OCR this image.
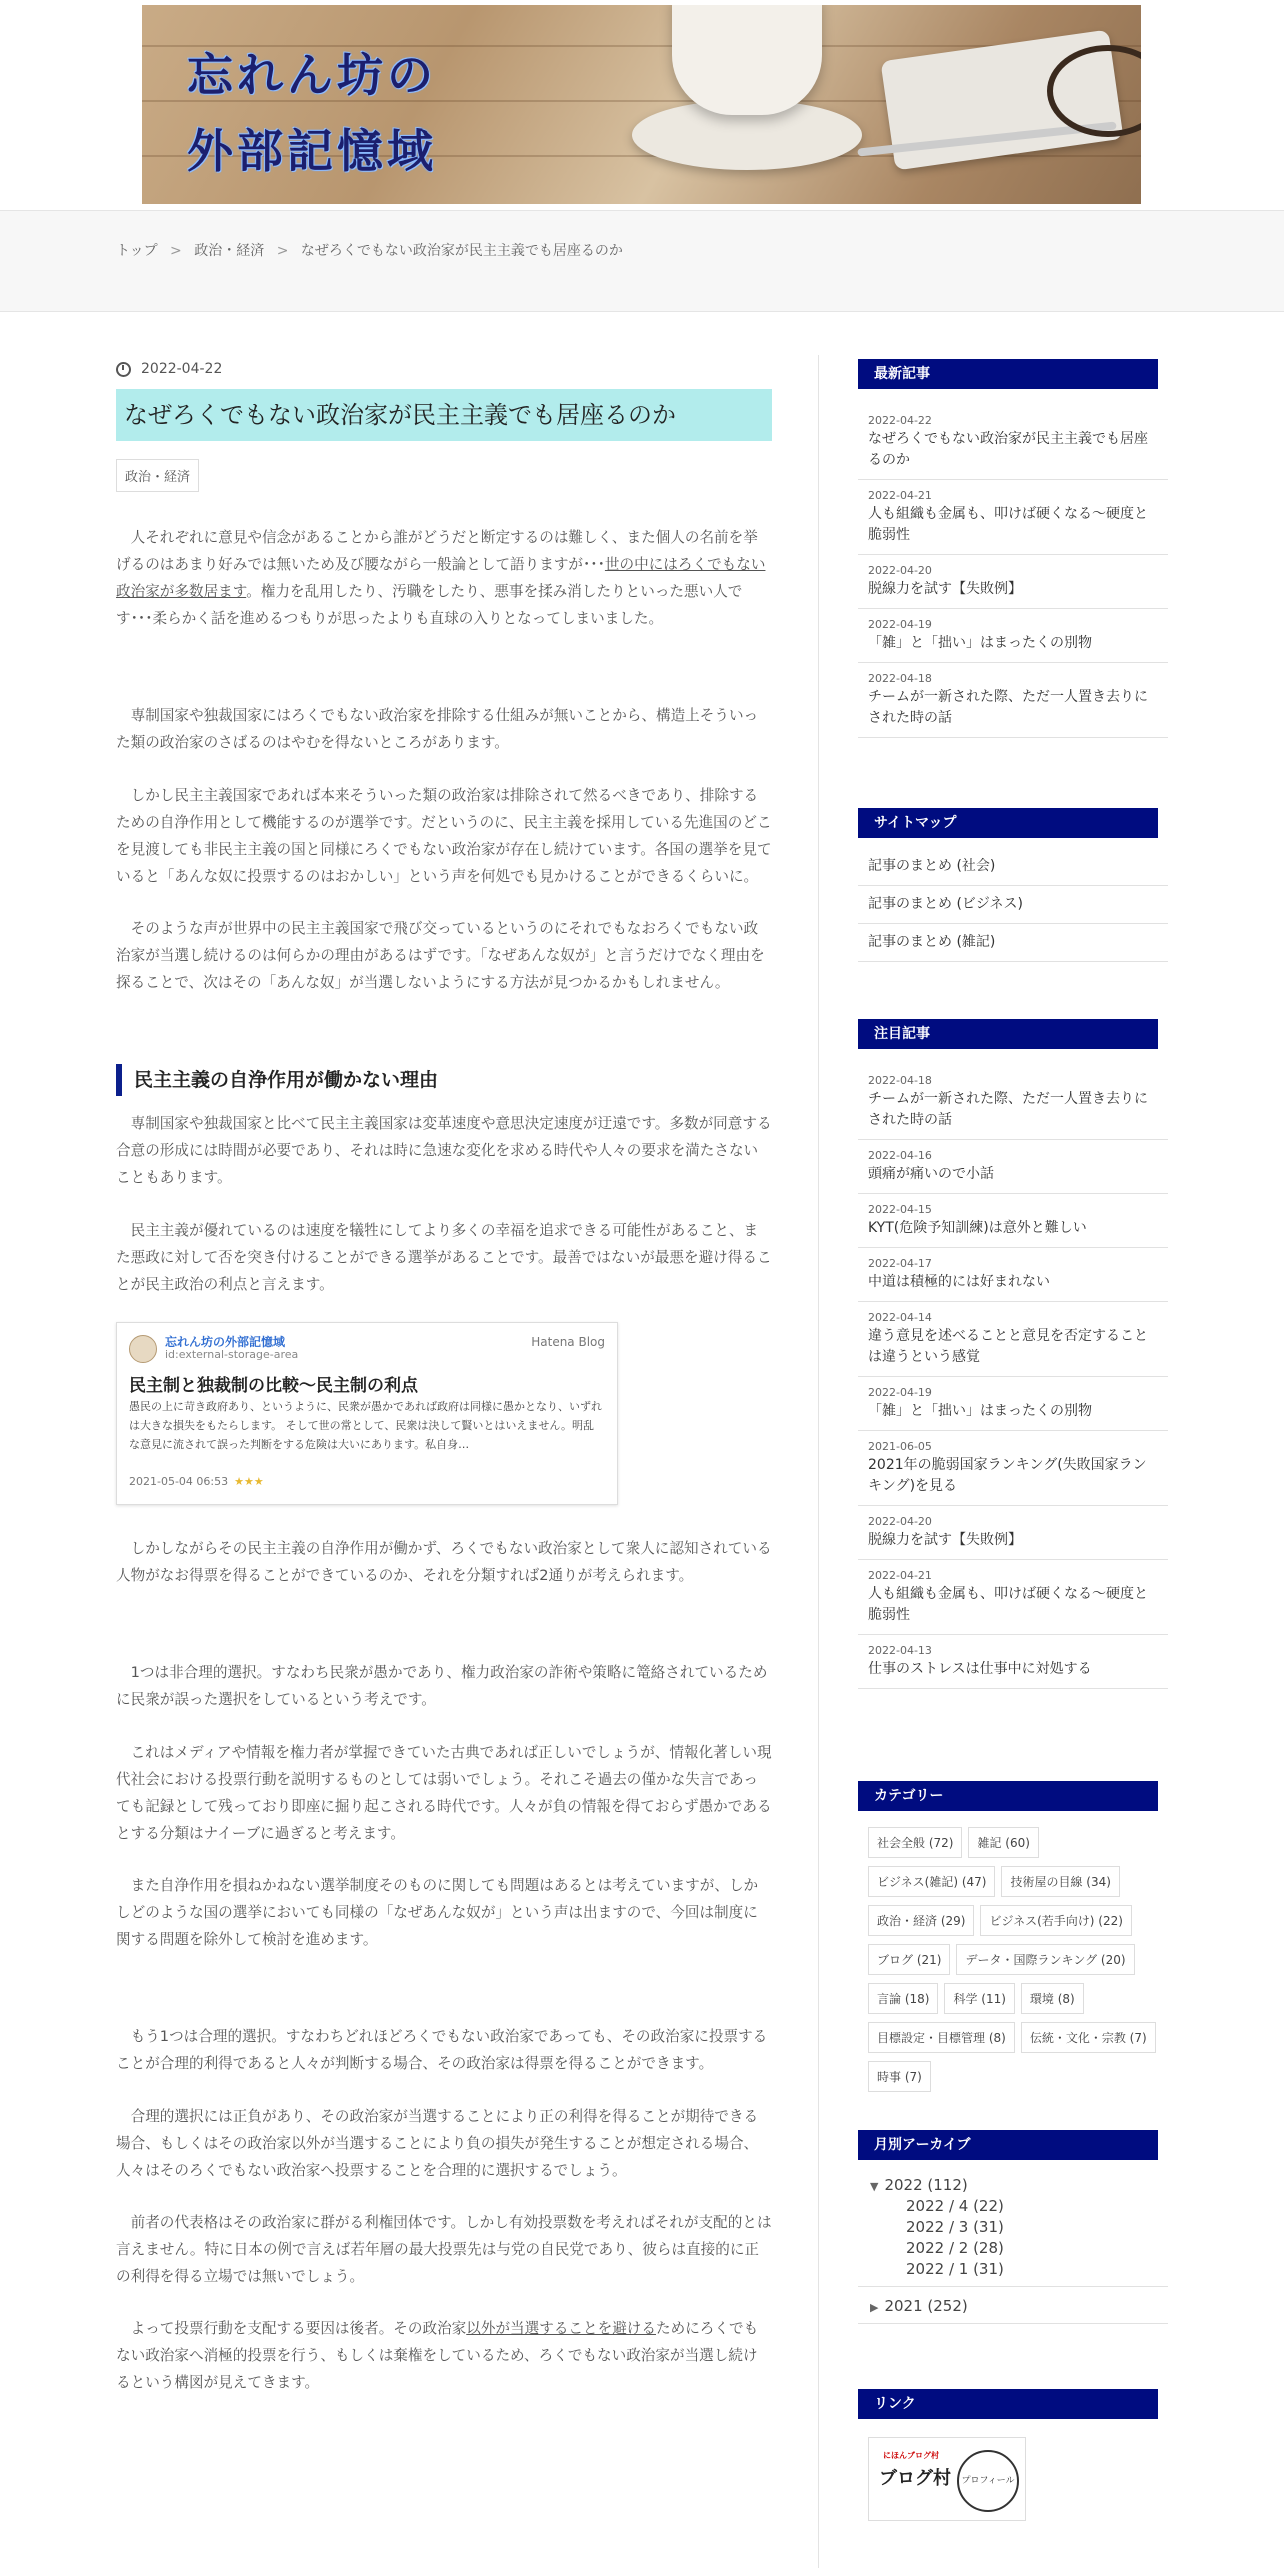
忘れん坊の
外部記憶域
トップ > 政治・経済 > なぜろくでもない政治家が民主主義でも居座るのか
2022-04-22
なぜろくでもない政治家が民主主義でも居座るのか
政治・経済

人それぞれに意見や信念があることから誰がどうだと断定するのは難しく、また個人の名前を挙げるのはあまり好みでは無いため及び腰ながら一般論として語りますが･･･世の中にはろくでもない政治家が多数居ます。権力を乱用したり、汚職をしたり、悪事を揉み消したりといった悪い人です･･･柔らかく話を進めるつもりが思ったよりも直球の入りとなってしまいました。

専制国家や独裁国家にはろくでもない政治家を排除する仕組みが無いことから、構造上そういった類の政治家のさばるのはやむを得ないところがあります。

しかし民主主義国家であれば本来そういった類の政治家は排除されて然るべきであり、排除するための自浄作用として機能するのが選挙です。だというのに、民主主義を採用している先進国のどこを見渡しても非民主主義の国と同様にろくでもない政治家が存在し続けています。各国の選挙を見ていると「あんな奴に投票するのはおかしい」という声を何処でも見かけることができるくらいに。

そのような声が世界中の民主主義国家で飛び交っているというのにそれでもなおろくでもない政治家が当選し続けるのは何らかの理由があるはずです。「なぜあんな奴が」と言うだけでなく理由を探ることで、次はその「あんな奴」が当選しないようにする方法が見つかるかもしれません。

民主主義の自浄作用が働かない理由

専制国家や独裁国家と比べて民主主義国家は変革速度や意思決定速度が迂遠です。多数が同意する合意の形成には時間が必要であり、それは時に急速な変化を求める時代や人々の要求を満たさないこともあります。

民主主義が優れているのは速度を犠牲にしてより多くの幸福を追求できる可能性があること、また悪政に対して否を突き付けることができる選挙があることです。最善ではないが最悪を避け得ることが民主政治の利点と言えます。

忘れん坊の外部記憶域
id:external-storage-area
Hatena Blog
民主制と独裁制の比較～民主制の利点
愚民の上に苛き政府あり、というように、民衆が愚かであれば政府は同様に愚かとなり、いずれは大きな損失をもたらします。 そして世の常として、民衆は決して賢いとはいえません。明乱な意見に流されて誤った判断をする危険は大いにあります。私自身…
2021-05-04 06:53 ★★★

しかしながらその民主主義の自浄作用が働かず、ろくでもない政治家として衆人に認知されている人物がなお得票を得ることができているのか、それを分類すれば2通りが考えられます。

1つは非合理的選択。すなわち民衆が愚かであり、権力政治家の詐術や策略に篭絡されているために民衆が誤った選択をしているという考えです。

これはメディアや情報を権力者が掌握できていた古典であれば正しいでしょうが、情報化著しい現代社会における投票行動を説明するものとしては弱いでしょう。それこそ過去の僅かな失言であっても記録として残っており即座に掘り起こされる時代です。人々が負の情報を得ておらず愚かであるとする分類はナイーブに過ぎると考えます。

また自浄作用を損ねかねない選挙制度そのものに関しても問題はあるとは考えていますが、しかしどのような国の選挙においても同様の「なぜあんな奴が」という声は出ますので、今回は制度に関する問題を除外して検討を進めます。

もう1つは合理的選択。すなわちどれほどろくでもない政治家であっても、その政治家に投票することが合理的利得であると人々が判断する場合、その政治家は得票を得ることができます。

合理的選択には正負があり、その政治家が当選することにより正の利得を得ることが期待できる場合、もしくはその政治家以外が当選することにより負の損失が発生することが想定される場合、人々はそのろくでもない政治家へ投票することを合理的に選択するでしょう。

前者の代表格はその政治家に群がる利権団体です。しかし有効投票数を考えればそれが支配的とは言えません。特に日本の例で言えば若年層の最大投票先は与党の自民党であり、彼らは直接的に正の利得を得る立場では無いでしょう。

よって投票行動を支配する要因は後者。その政治家以外が当選することを避けるためにろくでもない政治家へ消極的投票を行う、もしくは棄権をしているため、ろくでもない政治家が当選し続けるという構図が見えてきます。

最新記事
2022-04-22
なぜろくでもない政治家が民主主義でも居座るのか
2022-04-21
人も組織も金属も、叩けば硬くなる～硬度と脆弱性
2022-04-20
脱線力を試す【失敗例】
2022-04-19
「雑」と「拙い」はまったくの別物
2022-04-18
チームが一新された際、ただ一人置き去りにされた時の話
サイトマップ
記事のまとめ (社会)
記事のまとめ (ビジネス)
記事のまとめ (雑記)
注目記事
2022-04-18
チームが一新された際、ただ一人置き去りにされた時の話
2022-04-16
頭痛が痛いので小話
2022-04-15
KYT(危険予知訓練)は意外と難しい
2022-04-17
中道は積極的には好まれない
2022-04-14
違う意見を述べることと意見を否定することは違うという感覚
2022-04-19
「雑」と「拙い」はまったくの別物
2021-06-05
2021年の脆弱国家ランキング(失敗国家ランキング)を見る
2022-04-20
脱線力を試す【失敗例】
2022-04-21
人も組織も金属も、叩けば硬くなる～硬度と脆弱性
2022-04-13
仕事のストレスは仕事中に対処する
カテゴリー
社会全般 (72) 雑記 (60)ビジネス(雑記) (47) 技術屋の目線 (34)政治・経済 (29) ビジネス(若手向け) (22)ブログ (21) データ・国際ランキング (20)言論 (18) 科学 (11) 環境 (8)目標設定・目標管理 (8) 伝統・文化・宗教 (7)時事 (7)
月別アーカイブ
▼ 2022 (112)
2022 / 4 (22)
2022 / 3 (31)
2022 / 2 (28)
2022 / 1 (31)
▶ 2021 (252)
リンク
にほんブログ村
ブログ村	プロフィール
